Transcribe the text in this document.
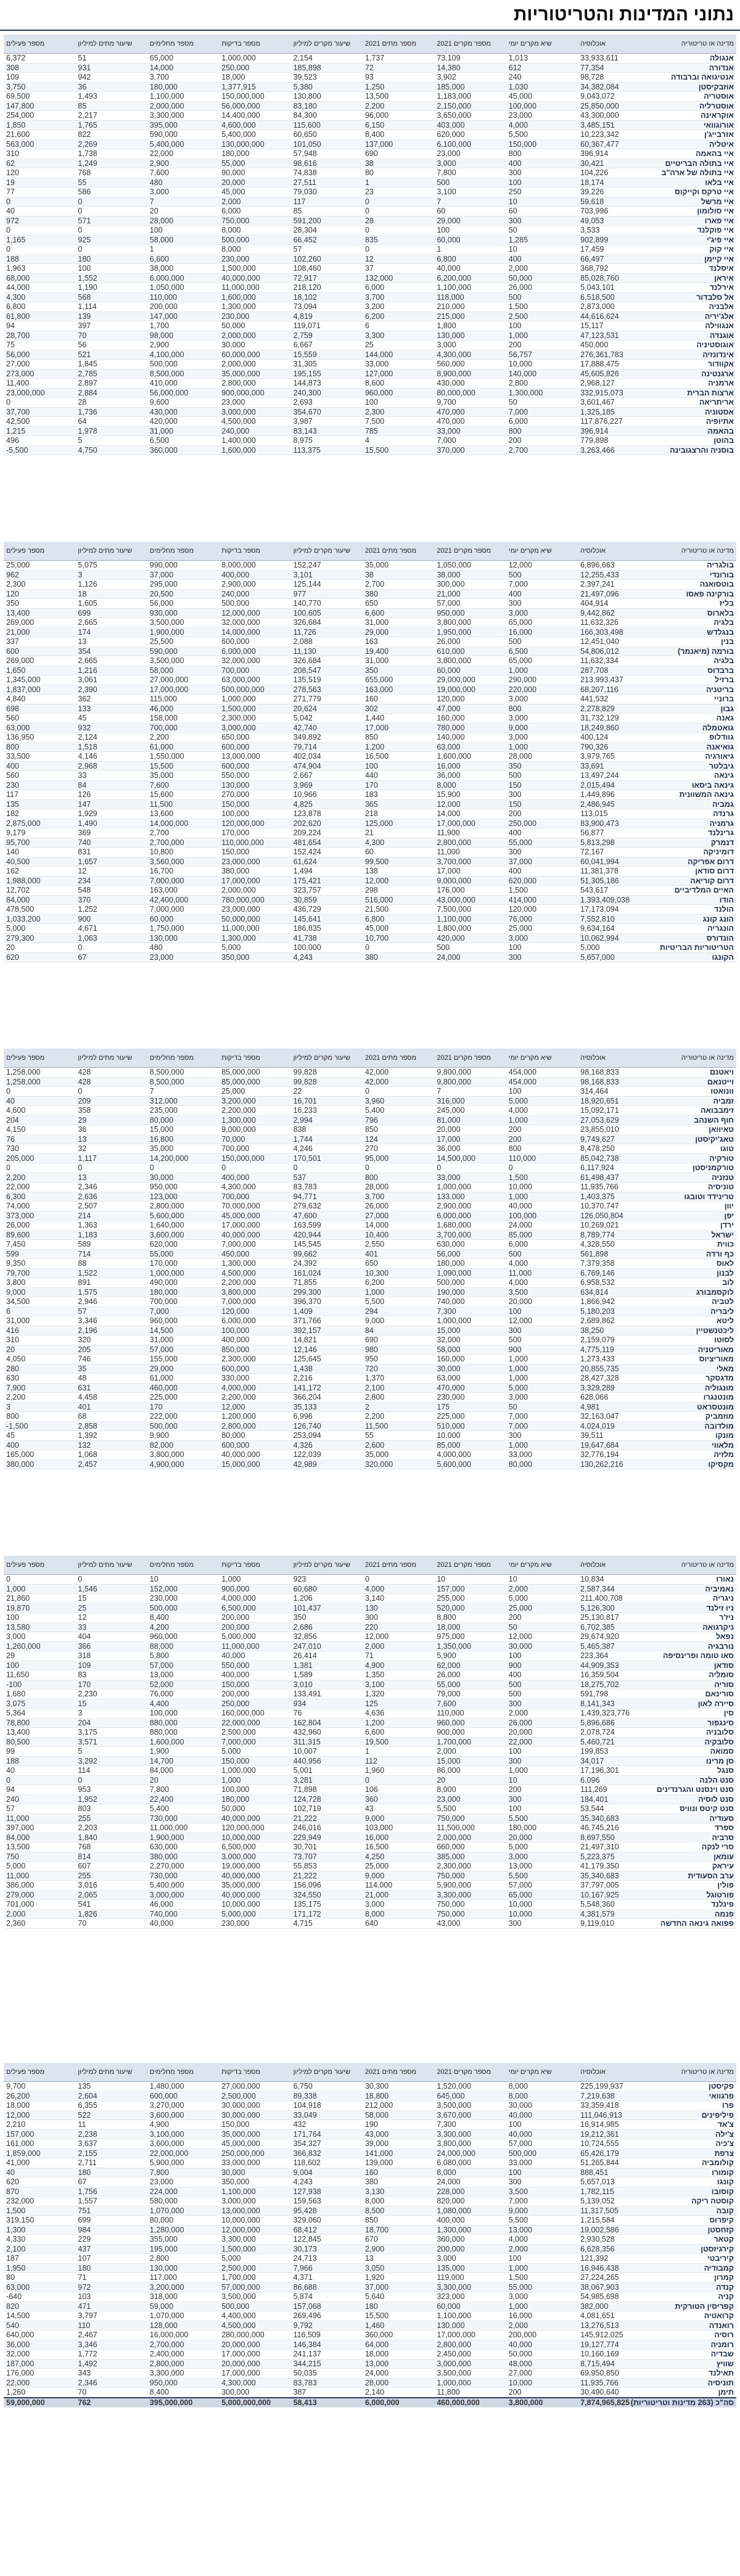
נתוני המדינות והטריטוריות
מדינה או טריטוריה	אוכלוסיה	שיא מקרים יומי	מספר מקרים 2021	מספר מתים 2021	שיעור מקרים למיליון	מספר בדיקות	מספר מחלימים	שיעור מתים למיליון	מספר פעילים
אנגולה	33,933,611	1,013	73,109	1,737	2,154	1,000,000	65,000	51	6,372
אנדורה	77,354	612	14,380	72	185,898	250,000	14,000	931	308
אנטיגואה וברבודה	98,728	240	3,902	93	39,523	18,000	3,700	942	109
אוזבקיסטן	34,382,084	1,030	185,000	1,250	5,380	1,377,915	180,000	36	3,750
אוסטריה	9,043,072	45,000	1,183,000	13,500	130,800	150,000,000	1,100,000	1,493	69,500
אוסטרליה	25,850,000	100,000	2,150,000	2,200	83,180	56,000,000	2,000,000	85	147,800
אוקראינה	43,300,000	23,000	3,650,000	96,000	84,300	14,400,000	3,300,000	2,217	254,000
אורוגוואי	3,485,151	4,000	403,000	6,150	115,600	4,600,000	395,000	1,765	1,850
אזרבייג'ן	10,223,342	5,500	620,000	8,400	60,650	5,400,000	590,000	822	21,600
איטליה	60,367,477	150,000	6,100,000	137,000	101,050	130,000,000	5,400,000	2,269	563,000
איי בהאמה	396,914	800	23,000	690	57,948	180,000	22,000	1,738	310
איי בתולה הבריטיים	30,421	400	3,000	38	98,616	55,000	2,900	1,249	62
איי בתולה של ארה"ב	104,226	300	7,800	80	74,838	90,000	7,600	768	120
איי בלאו	18,174	100	500	1	27,511	20,000	480	55	19
איי טרקס וקייקוס	39,226	250	3,100	23	79,030	45,000	3,000	586	77
איי מרשל	59,618	10	7	0	117	2,000	7	0	0
איי סולומון	703,996	60	60	0	85	6,000	20	0	40
איי פארו	49,053	300	29,000	28	591,200	750,000	28,000	571	972
איי פוקלנד	3,533	50	100	0	28,304	8,000	100	0	0
איי פיג'י	902,899	1,285	60,000	835	66,452	500,000	58,000	925	1,165
איי קוק	17,459	10	1	0	57	8,000	1	0	0
איי קיימן	66,497	400	6,800	12	102,260	230,000	6,600	180	188
איסלנד	368,792	2,000	40,000	37	108,460	1,500,000	38,000	100	1,963
איראן	85,028,760	50,000	6,200,000	132,000	72,917	40,000,000	6,000,000	1,552	68,000
אירלנד	5,043,101	26,000	1,100,000	6,000	218,120	11,000,000	1,050,000	1,190	44,000
אל סלבדור	6,518,500	500	118,000	3,700	18,102	1,600,000	110,000	568	4,300
אלבניה	2,873,000	1,500	210,000	3,200	73,094	1,300,000	200,000	1,114	6,800
אלג'יריה	44,616,624	2,500	215,000	6,200	4,819	230,000	147,000	139	61,800
אנגווילה	15,117	100	1,800	6	119,071	50,000	1,700	397	94
אוגנדה	47,123,531	1,000	130,000	3,300	2,759	2,000,000	98,000	70	28,700
אוגוסטיניה	450,000	200	3,000	25	6,667	30,000	2,900	56	75
אינדונזיה	276,361,783	56,757	4,300,000	144,000	15,559	60,000,000	4,100,000	521	56,000
אקוודור	17,888,475	10,000	560,000	33,000	31,305	2,000,000	500,000	1,845	27,000
ארגנטינה	45,605,826	140,000	8,900,000	127,000	195,155	35,000,000	8,500,000	2,785	273,000
ארמניה	2,968,127	2,800	430,000	8,600	144,873	2,800,000	410,000	2,897	11,400
ארצות הברית	332,915,073	1,300,000	80,000,000	960,000	240,300	900,000,000	56,000,000	2,884	23,000,000
אריתריאה	3,601,467	50	9,700	100	2,693	23,000	9,600	28	0
אסטוניה	1,325,185	7,000	470,000	2,300	354,670	3,000,000	430,000	1,736	37,700
אתיופיה	117,876,227	6,000	470,000	7,500	3,987	4,500,000	420,000	64	42,500
בהאמה	396,914	800	33,000	785	83,143	240,000	31,000	1,978	1,215
בהוטן	779,898	200	7,000	4	8,975	1,400,000	6,500	5	496
בוסניה והרצגובינה	3,263,466	2,700	370,000	15,500	113,375	1,600,000	360,000	4,750	-5,500
מדינה או טריטוריה	אוכלוסיה	שיא מקרים יומי	מספר מקרים 2021	מספר מתים 2021	שיעור מקרים למיליון	מספר בדיקות	מספר מחלימים	שיעור מתים למיליון	מספר פעילים
בולגריה	6,896,663	12,000	1,050,000	35,000	152,247	8,000,000	990,000	5,075	25,000
בורונדי	12,255,433	500	38,000	38	3,101	400,000	37,000	3	962
בוטסואנה	2,397,241	7,000	300,000	2,700	125,144	2,900,000	295,000	1,126	2,300
בורקינה פאסו	21,497,096	400	21,000	380	977	240,000	20,500	18	120
בליז	404,914	300	57,000	650	140,770	500,000	56,000	1,605	350
בלארוס	9,442,862	3,000	950,000	6,600	100,605	12,000,000	930,000	699	13,400
בלגיה	11,632,326	65,000	3,800,000	31,000	326,684	32,000,000	3,500,000	2,665	269,000
בנגלדש	166,303,498	16,000	1,950,000	29,000	11,726	14,000,000	1,900,000	174	21,000
בנין	12,451,040	500	26,000	163	2,088	600,000	25,500	13	337
בורמה (מיאנמר)	54,806,012	6,500	610,000	19,400	11,130	6,000,000	590,000	354	600
בלגיה	11,632,334	65,000	3,800,000	31,000	326,684	32,000,000	3,500,000	2,665	269,000
ברבדוס	287,708	1,000	60,000	350	208,547	700,000	58,000	1,216	1,650
ברזיל	213,993,437	290,000	29,000,000	655,000	135,519	63,000,000	27,000,000	3,061	1,345,000
בריטניה	68,207,116	220,000	19,000,000	163,000	278,563	500,000,000	17,000,000	2,390	1,837,000
ברוניי	441,532	3,000	120,000	160	271,779	1,000,000	115,000	362	4,840
גבון	2,278,829	800	47,000	302	20,624	1,500,000	46,000	133	698
גאנה	31,732,129	3,000	160,000	1,440	5,042	2,300,000	158,000	45	560
גואטמלה	18,249,860	9,000	780,000	17,000	42,740	3,000,000	700,000	932	63,000
גוודלופ	400,124	3,000	140,000	850	349,892	650,000	2,200	2,124	136,950
גואיאנה	790,326	1,000	63,000	1,200	79,714	600,000	61,000	1,518	800
גיאורגיה	3,979,765	28,000	1,600,000	16,500	402,034	13,000,000	1,550,000	4,146	33,500
גיבלטר	33,691	350	16,000	100	474,904	600,000	15,500	2,968	400
גינאה	13,497,244	500	36,000	440	2,667	550,000	35,000	33	560
גינאה ביסאו	2,015,494	150	8,000	170	3,969	130,000	7,600	84	230
גינאה המשוונית	1,449,896	300	15,900	183	10,966	270,000	15,600	126	117
גמביה	2,486,945	150	12,000	365	4,825	150,000	11,500	147	135
גרנדה	113,015	200	14,000	218	123,878	100,000	13,600	1,929	182
גרמניה	83,900,473	250,000	17,000,000	125,000	202,620	120,000,000	14,000,000	1,490	2,875,000
גרינלנד	56,877	400	11,900	21	209,224	170,000	2,700	369	9,179
דנמרק	5,813,298	55,000	2,800,000	4,300	481,654	110,000,000	2,700,000	740	95,700
דומיניקה	72,167	300	11,000	60	152,424	150,000	10,800	831	140
דרום אפריקה	60,041,994	37,000	3,700,000	99,500	61,624	23,000,000	3,560,000	1,657	40,500
דרום סודאן	11,381,378	400	17,000	138	1,494	380,000	16,700	12	162
דרום קוריאה	51,305,186	620,000	9,000,000	12,000	175,421	17,000,000	7,000,000	234	1,988,000
האיים המלדיביים	543,617	1,500	176,000	298	323,757	2,000,000	163,000	548	12,702
הודו	1,393,409,038	414,000	43,000,000	516,000	30,859	780,000,000	42,400,000	370	84,000
הולנד	17,173,094	120,000	7,500,000	21,500	436,729	23,000,000	7,000,000	1,252	478,500
הונג קונג	7,552,810	76,000	1,100,000	6,800	145,641	50,000,000	60,000	900	1,033,200
הונגריה	9,634,164	25,000	1,800,000	45,000	186,835	11,000,000	1,750,000	4,671	5,000
הונדורס	10,062,994	3,000	420,000	10,700	41,738	1,300,000	130,000	1,063	279,300
הטריטוריות הבריטיות	5,000	100	500	0	100,000	5,000	480	0	20
הקונגו	5,657,000	300	24,000	380	4,243	350,000	23,000	67	620
מדינה או טריטוריה	אוכלוסיה	שיא מקרים יומי	מספר מקרים 2021	מספר מתים 2021	שיעור מקרים למיליון	מספר בדיקות	מספר מחלימים	שיעור מתים למיליון	מספר פעילים
ויאטנם	98,168,833	454,000	9,800,000	42,000	99,828	85,000,000	8,500,000	428	1,258,000
וייטנאם	98,168,833	454,000	9,800,000	42,000	99,828	85,000,000	8,500,000	428	1,258,000
וונואטו	314,464	100	7	0	22	25,000	7	0	0
זמביה	18,920,651	5,000	316,000	3,960	16,701	3,200,000	312,000	209	40
זימבבואה	15,092,171	4,000	245,000	5,400	16,233	2,200,000	235,000	358	4,600
חוף השנהב	27,053,629	1,000	81,000	796	2,994	1,300,000	80,000	29	204
טאיוואן	23,855,010	200	20,000	850	838	9,000,000	15,000	36	4,150
טאג'יקיסטן	9,749,627	200	17,000	124	1,744	70,000	16,800	13	76
טוגו	8,478,250	800	36,000	270	4,246	700,000	35,000	32	730
טורקיה	85,042,738	110,000	14,500,000	95,000	170,501	150,000,000	14,200,000	1,117	205,000
טורקמניסטן	6,117,924	0	0	0	0	0	0	0	0
טנזניה	61,498,437	1,500	33,000	800	537	400,000	30,000	13	2,200
טוניסיה	11,935,766	10,000	1,000,000	28,000	83,783	4,300,000	950,000	2,346	22,000
טרינידד וטובגו	1,403,375	1,000	133,000	3,700	94,771	700,000	123,000	2,636	6,300
יוון	10,370,747	40,000	2,900,000	26,000	279,632	70,000,000	2,800,000	2,507	74,000
יפן	126,050,804	100,000	6,000,000	27,000	47,600	45,000,000	5,600,000	214	373,000
ירדן	10,269,021	24,000	1,680,000	14,000	163,599	17,000,000	1,640,000	1,363	26,000
ישראל	8,789,774	85,000	3,700,000	10,400	420,944	40,000,000	3,600,000	1,183	89,600
כווית	4,328,550	6,000	630,000	2,550	145,545	7,000,000	620,000	589	7,450
כף ורדה	561,898	500	56,000	401	99,662	450,000	55,000	714	599
לאוס	7,379,358	4,000	180,000	650	24,392	1,300,000	170,000	88	9,350
לבנון	6,769,146	11,000	1,090,000	10,300	161,024	4,500,000	1,000,000	1,522	79,700
לוב	6,958,532	4,000	500,000	6,200	71,855	2,200,000	490,000	891	3,800
לוקסמבורג	634,814	3,500	190,000	1,000	299,300	3,800,000	180,000	1,575	9,000
לטביה	1,866,942	20,000	740,000	5,500	396,370	7,000,000	700,000	2,946	34,500
ליבריה	5,180,203	100	7,300	294	1,409	120,000	7,000	57	6
ליטא	2,689,862	12,000	1,000,000	9,000	371,766	6,000,000	960,000	3,346	31,000
ליכטנשטיין	38,250	300	15,000	84	392,157	100,000	14,500	2,196	416
לסוטו	2,159,079	500	32,000	690	14,821	400,000	31,000	320	310
מאוריטניה	4,775,119	900	58,000	980	12,146	850,000	57,000	205	20
מאוריציוס	1,273,433	1,000	160,000	950	125,645	2,300,000	155,000	746	4,050
מאלי	20,855,735	1,000	30,000	720	1,438	600,000	29,000	35	280
מדגסקר	28,427,328	1,000	63,000	1,370	2,216	330,000	61,000	48	630
מונגוליה	3,329,289	5,000	470,000	2,100	141,172	4,000,000	460,000	631	7,900
מונטנגרו	628,066	3,000	230,000	2,800	366,204	2,200,000	225,000	4,458	2,200
מונטסראט	4,981	50	175	2	35,133	12,000	170	401	3
מוזמביק	32,163,047	7,000	225,000	2,200	6,996	1,200,000	222,000	68	800
מולדובה	4,024,019	7,000	510,000	11,500	126,740	2,800,000	500,000	2,858	-1,500
מונקו	39,511	300	10,000	55	253,094	80,000	9,900	1,392	45
מלאווי	19,647,684	1,000	85,000	2,600	4,326	600,000	82,000	132	400
מלזיה	32,776,194	33,000	4,000,000	35,000	122,039	40,000,000	3,800,000	1,068	165,000
מקסיקו	130,262,216	80,000	5,600,000	320,000	42,989	15,000,000	4,900,000	2,457	380,000
מדינה או טריטוריה	אוכלוסיה	שיא מקרים יומי	מספר מקרים 2021	מספר מתים 2021	שיעור מקרים למיליון	מספר בדיקות	מספר מחלימים	שיעור מתים למיליון	מספר פעילים
נאורו	10,834	10	10	0	923	1,000	10	0	0
נאמיביה	2,587,344	2,000	157,000	4,000	60,680	900,000	152,000	1,546	1,000
ניגריה	211,400,708	5,000	255,000	3,140	1,206	4,000,000	230,000	15	21,860
ניו זילנד	5,126,300	25,000	520,000	130	101,437	6,500,000	500,000	25	19,870
ניז'ר	25,130,817	200	8,800	300	350	200,000	8,400	12	100
ניקרגואה	6,702,385	50	18,000	220	2,686	200,000	4,200	33	13,580
נפאל	29,674,920	12,000	975,000	12,000	32,856	5,000,000	960,000	404	3,000
נורבגיה	5,465,387	30,000	1,350,000	2,000	247,010	11,000,000	88,000	366	1,260,000
סאו טומה ופרינסיפה	223,364	100	5,900	71	26,414	40,000	5,800	318	29
סודאן	44,909,353	900	62,000	4,900	1,381	550,000	57,000	109	100
סומליה	16,359,504	400	26,000	1,350	1,589	400,000	13,000	83	11,650
סוריה	18,275,702	500	55,000	3,100	3,010	150,000	52,000	170	-100
סורינאם	591,798	500	79,000	1,320	133,491	200,000	76,000	2,230	1,680
סיירה לאון	8,141,343	300	7,600	125	934	250,000	4,400	15	3,075
סין	1,439,323,776	2,000	110,000	4,636	76	160,000,000	100,000	3	5,364
סינגפור	5,896,686	26,000	960,000	1,200	162,804	22,000,000	880,000	204	78,800
סלובניה	2,078,724	20,000	900,000	6,600	432,960	2,500,000	880,000	3,175	13,400
סלובקיה	5,460,721	22,000	1,700,000	19,500	311,315	7,000,000	1,600,000	3,571	80,500
סמואה	199,853	100	2,000	1	10,007	5,000	1,900	5	99
סן מרינו	34,017	300	15,000	112	440,956	150,000	14,700	3,292	188
סנגל	17,196,301	1,000	86,000	1,960	5,001	1,000,000	84,000	114	40
סנט הלנה	6,096	10	20	0	3,281	1,000	20	0	0
סנט וינסנט והגרנדינים	111,269	200	8,000	106	71,898	100,000	7,800	953	94
סנט לוסיה	184,401	300	23,000	360	124,728	180,000	22,400	1,952	240
סנט קיטס ונוויס	53,544	100	5,500	43	102,719	50,000	5,400	803	57
סעודיה	35,340,683	5,500	750,000	9,000	21,222	40,000,000	730,000	255	11,000
ספרד	46,745,216	180,000	11,500,000	103,000	246,016	120,000,000	11,000,000	2,203	397,000
סרביה	8,697,550	20,000	2,000,000	16,000	229,949	10,000,000	1,900,000	1,840	84,000
סרי לנקה	21,497,310	5,000	660,000	16,500	30,701	6,500,000	630,000	768	13,500
עומאן	5,223,375	3,000	385,000	4,250	73,707	3,000,000	380,000	814	750
עיראק	41,179,350	13,000	2,300,000	25,000	55,853	19,000,000	2,270,000	607	5,000
ערב הסעודית	35,340,683	5,500	750,000	9,000	21,222	40,000,000	730,000	255	11,000
פולין	37,797,005	57,000	5,900,000	114,000	156,096	35,000,000	5,400,000	3,016	386,000
פורטוגל	10,167,925	65,000	3,300,000	21,000	324,550	40,000,000	3,000,000	2,065	279,000
פינלנד	5,548,360	10,000	750,000	3,000	135,175	10,000,000	46,000	541	701,000
פנמה	4,381,579	10,000	750,000	8,000	171,172	5,000,000	740,000	1,826	2,000
פפואה גינאה החדשה	9,119,010	300	43,000	640	4,715	230,000	40,000	70	2,360
מדינה או טריטוריה	אוכלוסיה	שיא מקרים יומי	מספר מקרים 2021	מספר מתים 2021	שיעור מקרים למיליון	מספר בדיקות	מספר מחלימים	שיעור מתים למיליון	מספר פעילים
פקיסטן	225,199,937	8,000	1,520,000	30,300	6,750	27,000,000	1,480,000	135	9,700
פרגוואי	7,219,638	8,000	645,000	18,800	89,338	2,500,000	600,000	2,604	26,200
פרו	33,359,418	30,000	3,500,000	212,000	104,918	30,000,000	3,270,000	6,355	18,000
פיליפינים	111,046,913	40,000	3,670,000	58,000	33,049	30,000,000	3,600,000	522	12,000
צ'אד	16,914,985	100	7,300	190	432	150,000	4,900	11	2,210
צ'ילה	19,212,361	40,000	3,300,000	43,000	171,764	35,000,000	3,100,000	2,238	157,000
צ'כיה	10,724,555	57,000	3,800,000	39,000	354,327	45,000,000	3,600,000	3,637	161,000
צרפת	65,426,179	500,000	24,000,000	141,000	366,832	250,000,000	22,000,000	2,155	1,859,000
קולומביה	51,265,844	33,000	6,080,000	139,000	118,602	33,000,000	5,900,000	2,711	41,000
קומורו	888,451	100	8,000	160	9,004	30,000	7,800	180	40
קונגו	5,657,013	300	24,000	380	4,243	350,000	23,000	67	620
קוסובו	1,782,115	3,500	228,000	3,130	127,938	1,100,000	224,000	1,756	870
קוסטה ריקה	5,139,052	7,000	820,000	8,000	159,563	3,000,000	580,000	1,557	232,000
קובה	11,317,505	9,000	1,080,000	8,500	95,428	13,000,000	1,070,000	751	1,500
קיפרוס	1,215,584	5,500	400,000	850	329,060	10,000,000	80,000	699	319,150
קזחסטן	19,002,586	13,000	1,300,000	18,700	68,412	12,000,000	1,280,000	984	1,300
קטאר	2,930,528	4,000	360,000	670	122,845	3,300,000	355,000	229	4,330
קירגיזסטן	6,628,356	2,000	200,000	2,900	30,173	1,500,000	195,000	437	2,100
קיריבטי	121,392	100	3,000	13	24,713	5,000	2,800	107	187
קמבודיה	16,946,438	1,000	135,000	3,050	7,966	2,500,000	130,000	180	1,950
קמרון	27,224,265	1,500	119,000	1,920	4,371	1,700,000	117,000	71	80
קנדה	38,067,903	55,000	3,300,000	37,000	86,688	57,000,000	3,200,000	972	63,000
קניה	54,985,698	3,000	323,000	5,640	5,874	3,500,000	318,000	103	-640
קפריסין הטורקית	382,000	1,000	60,000	180	157,068	500,000	59,000	471	820
קרואטיה	4,081,651	16,000	1,100,000	15,500	269,496	4,400,000	1,070,000	3,797	14,500
רואנדה	13,276,513	2,000	130,000	1,460	9,792	4,500,000	128,000	110	540
רוסיה	145,912,025	200,000	17,000,000	360,000	116,509	280,000,000	16,000,000	2,467	640,000
רומניה	19,127,774	40,000	2,800,000	64,000	146,384	20,000,000	2,700,000	3,346	36,000
שבדיה	10,160,169	50,000	2,450,000	18,000	241,137	17,000,000	2,400,000	1,772	32,000
שוויץ	8,715,494	48,000	3,000,000	13,000	344,215	20,000,000	2,800,000	1,492	187,000
תאילנד	69,950,850	27,000	3,500,000	24,000	50,035	17,000,000	3,300,000	343	176,000
תוניסיה	11,935,766	10,000	1,000,000	28,000	83,783	4,300,000	950,000	2,346	22,000
תימן	30,490,640	200	11,800	2,140	387	300,000	8,400	70	1,260
סה"כ (263 מדינות וטריטוריות)	7,874,965,825	3,800,000	460,000,000	6,000,000	58,413	5,000,000,000	395,000,000	762	59,000,000
